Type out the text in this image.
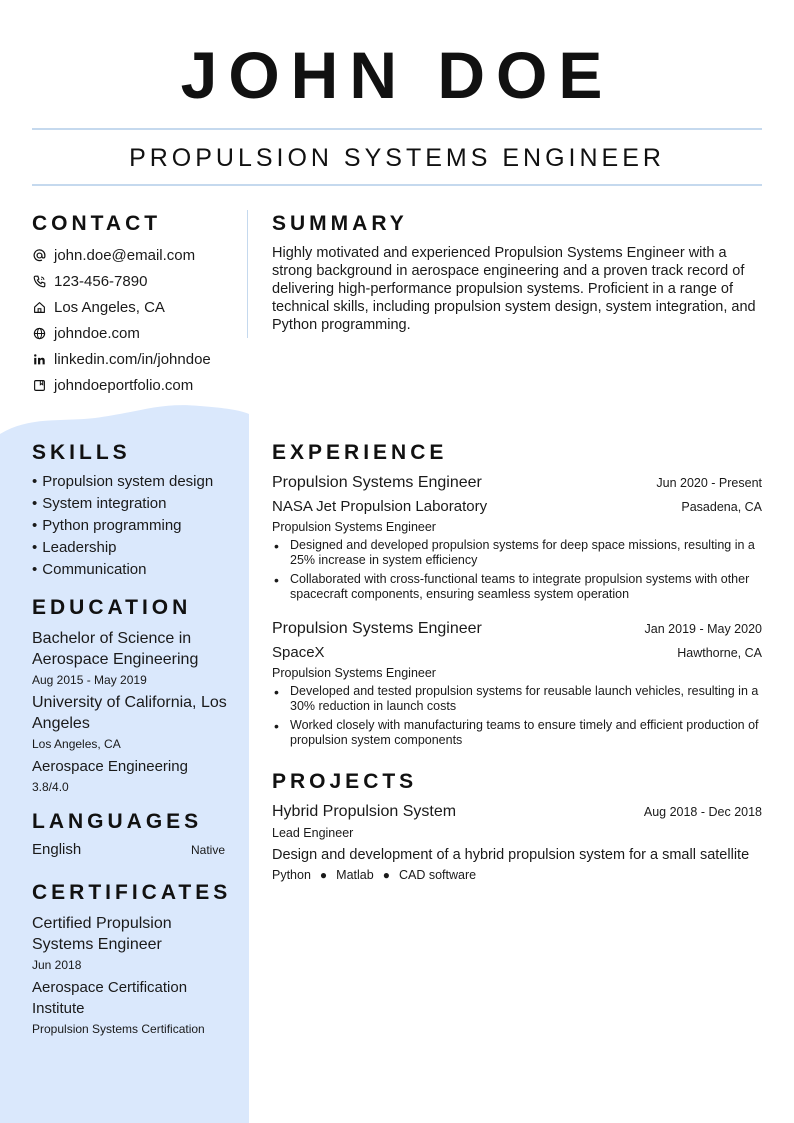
JOHN DOE
PROPULSION SYSTEMS ENGINEER
CONTACT
john.doe@email.com
123-456-7890
Los Angeles, CA
johndoe.com
linkedin.com/in/johndoe
johndoeportfolio.com
SUMMARY
Highly motivated and experienced Propulsion Systems Engineer with a strong background in aerospace engineering and a proven track record of delivering high-performance propulsion systems. Proficient in a range of technical skills, including propulsion system design, system integration, and Python programming.
SKILLS
• Propulsion system design
• System integration
• Python programming
• Leadership
• Communication
EDUCATION
Bachelor of Science in Aerospace Engineering
Aug 2015 - May 2019
University of California, Los Angeles
Los Angeles, CA
Aerospace Engineering
3.8/4.0
LANGUAGES
English	Native
CERTIFICATES
Certified Propulsion Systems Engineer
Jun 2018
Aerospace Certification Institute
Propulsion Systems Certification
EXPERIENCE
Propulsion Systems Engineer	Jun 2020 - Present
NASA Jet Propulsion Laboratory	Pasadena, CA
Propulsion Systems Engineer
• Designed and developed propulsion systems for deep space missions, resulting in a 25% increase in system efficiency
• Collaborated with cross-functional teams to integrate propulsion systems with other spacecraft components, ensuring seamless system operation
Propulsion Systems Engineer	Jan 2019 - May 2020
SpaceX	Hawthorne, CA
Propulsion Systems Engineer
• Developed and tested propulsion systems for reusable launch vehicles, resulting in a 30% reduction in launch costs
• Worked closely with manufacturing teams to ensure timely and efficient production of propulsion system components
PROJECTS
Hybrid Propulsion System	Aug 2018 - Dec 2018
Lead Engineer
Design and development of a hybrid propulsion system for a small satellite
Python ● Matlab ● CAD software
